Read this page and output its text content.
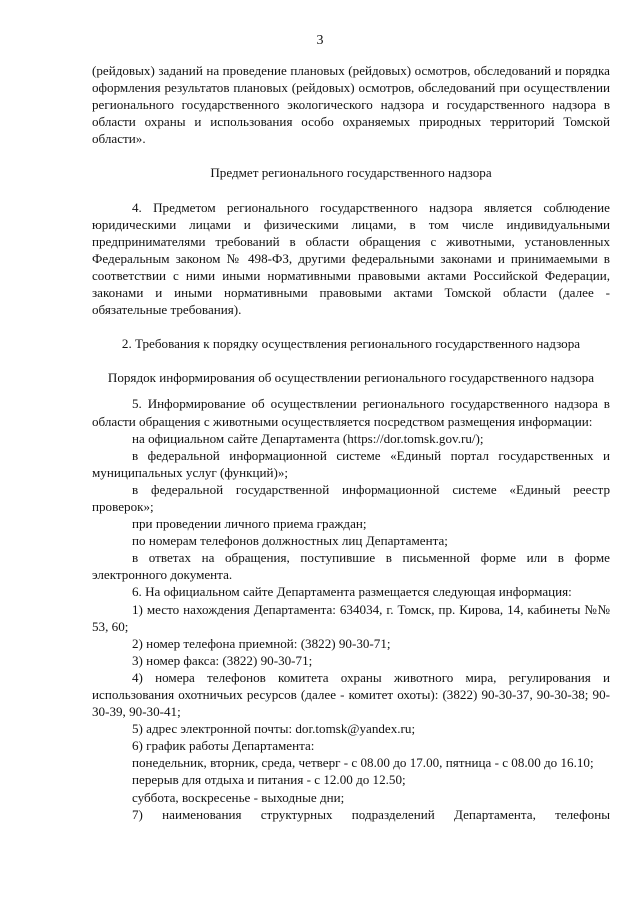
3

(рейдовых) заданий на проведение плановых (рейдовых) осмотров, обследований и порядка оформления результатов плановых (рейдовых) осмотров, обследований при осуществлении регионального государственного экологического надзора и государственного надзора в области охраны и использования особо охраняемых природных территорий Томской области».

Предмет регионального государственного надзора

4. Предметом регионального государственного надзора является соблюдение юридическими лицами и физическими лицами, в том числе индивидуальными предпринимателями требований в области обращения с животными, установленных Федеральным законом № 498-ФЗ, другими федеральными законами и принимаемыми в соответствии с ними иными нормативными правовыми актами Российской Федерации, законами и иными нормативными правовыми актами Томской области (далее - обязательные требования).

2. Требования к порядку осуществления регионального государственного надзора

Порядок информирования об осуществлении регионального государственного надзора

5. Информирование об осуществлении регионального государственного надзора в области обращения с животными осуществляется посредством размещения информации:

на официальном сайте Департамента (https://dor.tomsk.gov.ru/);

в федеральной информационной системе «Единый портал государственных и муниципальных услуг (функций)»;

в федеральной государственной информационной системе «Единый реестр проверок»;

при проведении личного приема граждан;

по номерам телефонов должностных лиц Департамента;

в ответах на обращения, поступившие в письменной форме или в форме электронного документа.

6. На официальном сайте Департамента размещается следующая информация:

1) место нахождения Департамента: 634034, г. Томск, пр. Кирова, 14, кабинеты №№ 53, 60;

2) номер телефона приемной: (3822) 90-30-71;

3) номер факса: (3822) 90-30-71;

4) номера телефонов комитета охраны животного мира, регулирования и использования охотничьих ресурсов (далее - комитет охоты): (3822) 90-30-37, 90-30-38; 90-30-39, 90-30-41;

5) адрес электронной почты: dor.tomsk@yandex.ru;

6) график работы Департамента:

понедельник, вторник, среда, четверг - с 08.00 до 17.00, пятница - с 08.00 до 16.10;

перерыв для отдыха и питания - с 12.00 до 12.50;

суббота, воскресенье - выходные дни;

7) наименования структурных подразделений Департамента, телефоны
